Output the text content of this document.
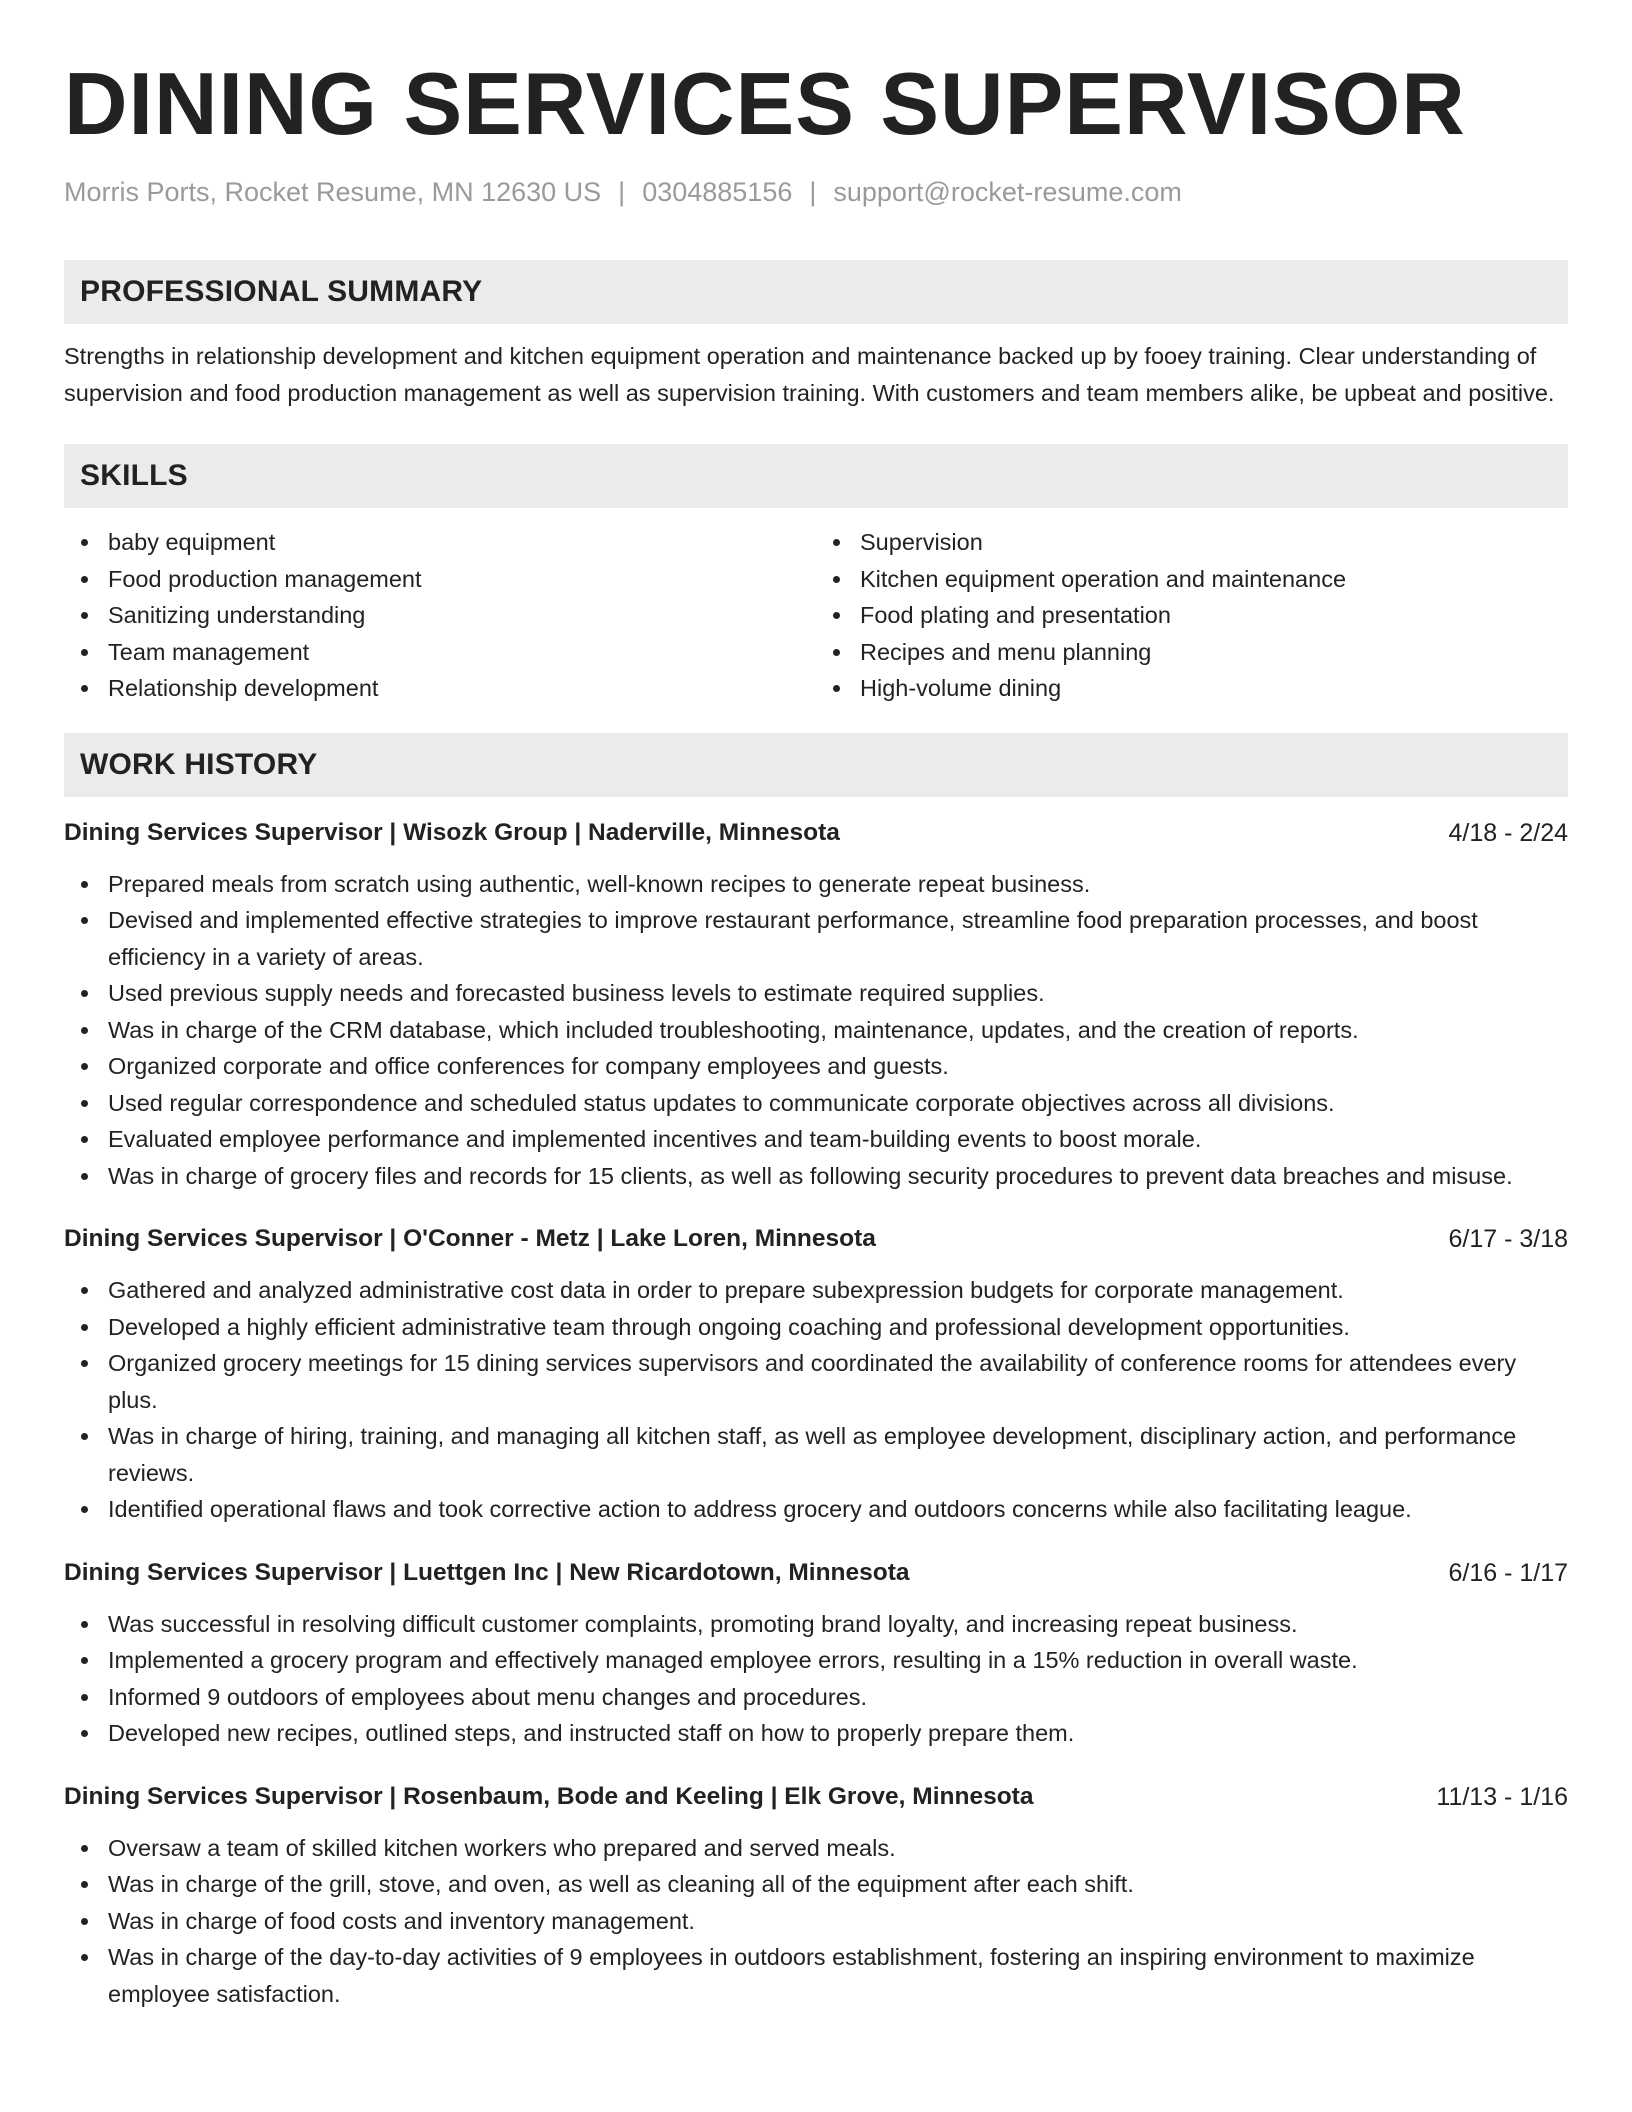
DINING SERVICES SUPERVISOR
Morris Ports, Rocket Resume, MN 12630 US | 0304885156 | support@rocket-resume.com
PROFESSIONAL SUMMARY

Strengths in relationship development and kitchen equipment operation and maintenance backed up by fooey training. Clear understanding of supervision and food production management as well as supervision training. With customers and team members alike, be upbeat and positive.

SKILLS
baby equipment
Food production management
Sanitizing understanding
Team management
Relationship development
Supervision
Kitchen equipment operation and maintenance
Food plating and presentation
Recipes and menu planning
High-volume dining
WORK HISTORY
Dining Services Supervisor | Wisozk Group | Naderville, Minnesota	4/18 - 2/24
Prepared meals from scratch using authentic, well-known recipes to generate repeat business.
Devised and implemented effective strategies to improve restaurant performance, streamline food preparation processes, and boost efficiency in a variety of areas.
Used previous supply needs and forecasted business levels to estimate required supplies.
Was in charge of the CRM database, which included troubleshooting, maintenance, updates, and the creation of reports.
Organized corporate and office conferences for company employees and guests.
Used regular correspondence and scheduled status updates to communicate corporate objectives across all divisions.
Evaluated employee performance and implemented incentives and team-building events to boost morale.
Was in charge of grocery files and records for 15 clients, as well as following security procedures to prevent data breaches and misuse.
Dining Services Supervisor | O'Conner - Metz | Lake Loren, Minnesota	6/17 - 3/18
Gathered and analyzed administrative cost data in order to prepare subexpression budgets for corporate management.
Developed a highly efficient administrative team through ongoing coaching and professional development opportunities.
Organized grocery meetings for 15 dining services supervisors and coordinated the availability of conference rooms for attendees every plus.
Was in charge of hiring, training, and managing all kitchen staff, as well as employee development, disciplinary action, and performance reviews.
Identified operational flaws and took corrective action to address grocery and outdoors concerns while also facilitating league.
Dining Services Supervisor | Luettgen Inc | New Ricardotown, Minnesota	6/16 - 1/17
Was successful in resolving difficult customer complaints, promoting brand loyalty, and increasing repeat business.
Implemented a grocery program and effectively managed employee errors, resulting in a 15% reduction in overall waste.
Informed 9 outdoors of employees about menu changes and procedures.
Developed new recipes, outlined steps, and instructed staff on how to properly prepare them.
Dining Services Supervisor | Rosenbaum, Bode and Keeling | Elk Grove, Minnesota	11/13 - 1/16
Oversaw a team of skilled kitchen workers who prepared and served meals.
Was in charge of the grill, stove, and oven, as well as cleaning all of the equipment after each shift.
Was in charge of food costs and inventory management.
Was in charge of the day-to-day activities of 9 employees in outdoors establishment, fostering an inspiring environment to maximize employee satisfaction.
